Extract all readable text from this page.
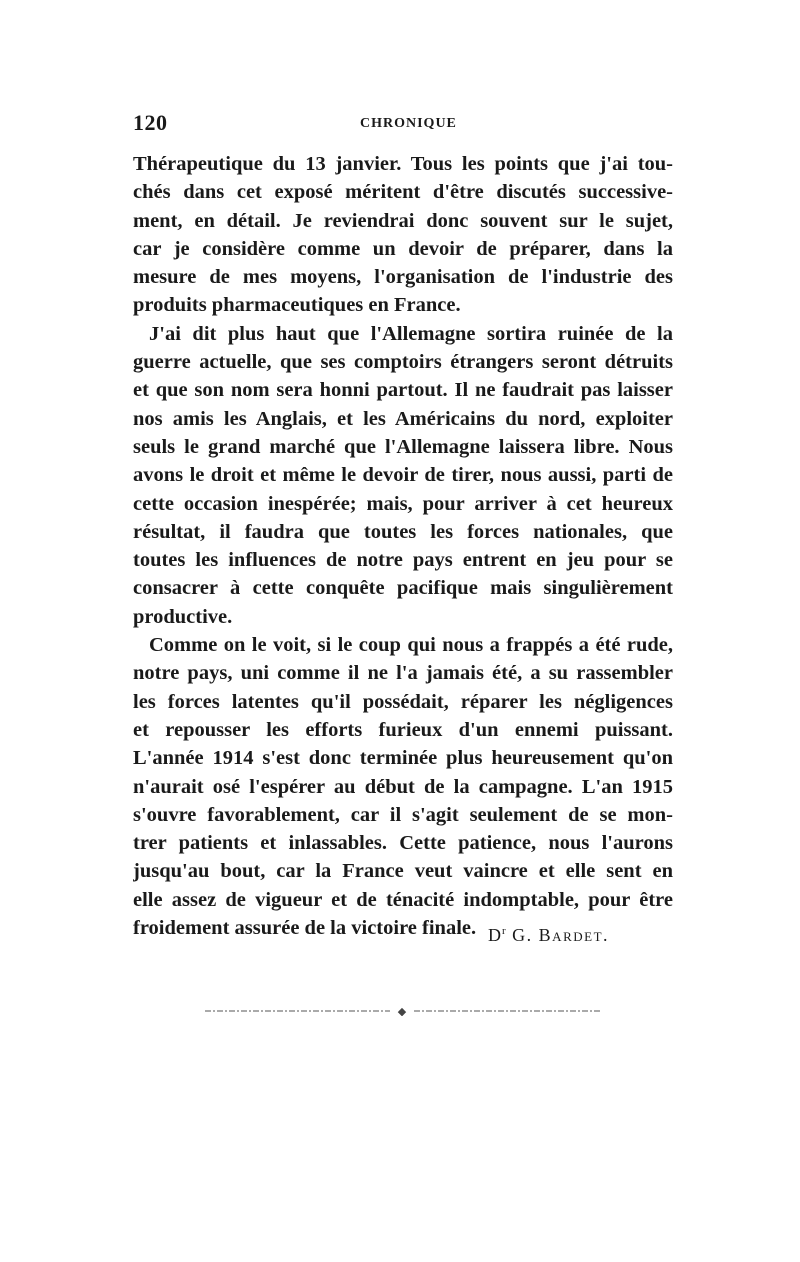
120	CHRONIQUE
Thérapeutique du 13 janvier. Tous les points que j'ai tou-
chés dans cet exposé méritent d'être discutés successive-
ment, en détail. Je reviendrai donc souvent sur le sujet,
car je considère comme un devoir de préparer, dans la
mesure de mes moyens, l'organisation de l'industrie des
produits pharmaceutiques en France.
J'ai dit plus haut que l'Allemagne sortira ruinée de la
guerre actuelle, que ses comptoirs étrangers seront détruits
et que son nom sera honni partout. Il ne faudrait pas laisser
nos amis les Anglais, et les Américains du nord, exploiter
seuls le grand marché que l'Allemagne laissera libre. Nous
avons le droit et même le devoir de tirer, nous aussi, parti de
cette occasion inespérée; mais, pour arriver à cet heureux
résultat, il faudra que toutes les forces nationales, que
toutes les influences de notre pays entrent en jeu pour se
consacrer à cette conquête pacifique mais singulièrement
productive.
Comme on le voit, si le coup qui nous a frappés a été rude,
notre pays, uni comme il ne l'a jamais été, a su rassembler
les forces latentes qu'il possédait, réparer les négligences
et repousser les efforts furieux d'un ennemi puissant.
L'année 1914 s'est donc terminée plus heureusement qu'on
n'aurait osé l'espérer au début de la campagne. L'an 1915
s'ouvre favorablement, car il s'agit seulement de se mon-
trer patients et inlassables. Cette patience, nous l'aurons
jusqu'au bout, car la France veut vaincre et elle sent en
elle assez de vigueur et de ténacité indomptable, pour être
froidement assurée de la victoire finale. $D^r$ G. Bardet.
◆
